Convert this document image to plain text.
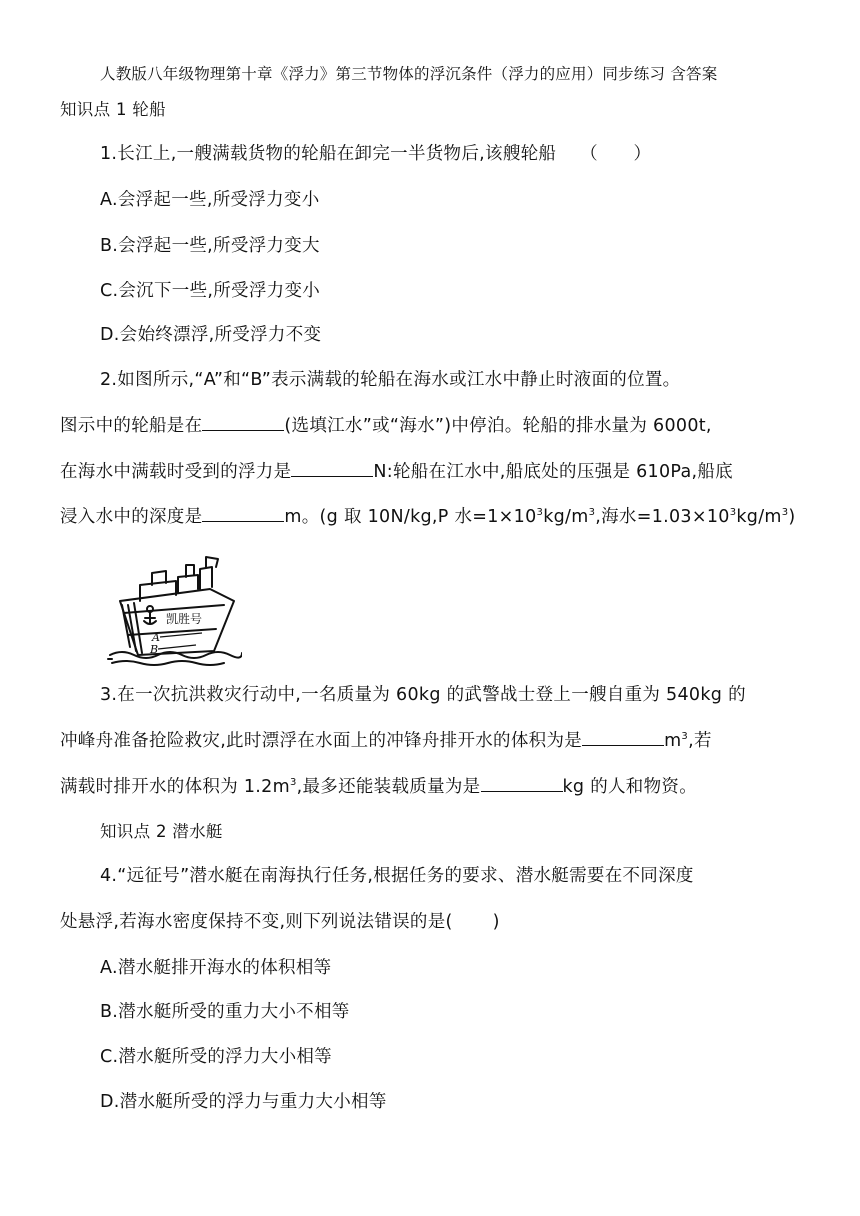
人教版八年级物理第十章《浮力》第三节物体的浮沉条件（浮力的应用）同步练习 含答案
知识点 1 轮船
1.长江上,一艘满载货物的轮船在卸完一半货物后,该艘轮船 （　　）
A.会浮起一些,所受浮力变小
B.会浮起一些,所受浮力变大
C.会沉下一些,所受浮力变小
D.会始终漂浮,所受浮力不变
2.如图所示,“A”和“B”表示满载的轮船在海水或江水中静止时液面的位置。
图示中的轮船是在	(选填江水”或“海水”)中停泊。轮船的排水量为 6000t,
在海水中满载时受到的浮力是	N:轮船在江水中,船底处的压强是 610Pa,船底
浸入水中的深度是	m。(g 取 10N/kg,P 水$=1\times 10^3kg/m^3$,海水$=1.03\times 10^3kg/m^3$)
凯胜号
A
B
3.在一次抗洪救灾行动中,一名质量为 60kg 的武警战士登上一艘自重为 540kg 的
冲峰舟准备抢险救灾,此时漂浮在水面上的冲锋舟排开水的体积为是	$m^3$,若
满载时排开水的体积为 $1.2m^3$,最多还能装载质量为是	kg 的人和物资。
知识点 2 潜水艇
4.“远征号”潜水艇在南海执行任务,根据任务的要求、潜水艇需要在不同深度
处悬浮,若海水密度保持不变,则下列说法错误的是( )
A.潜水艇排开海水的体积相等
B.潜水艇所受的重力大小不相等
C.潜水艇所受的浮力大小相等
D.潜水艇所受的浮力与重力大小相等
